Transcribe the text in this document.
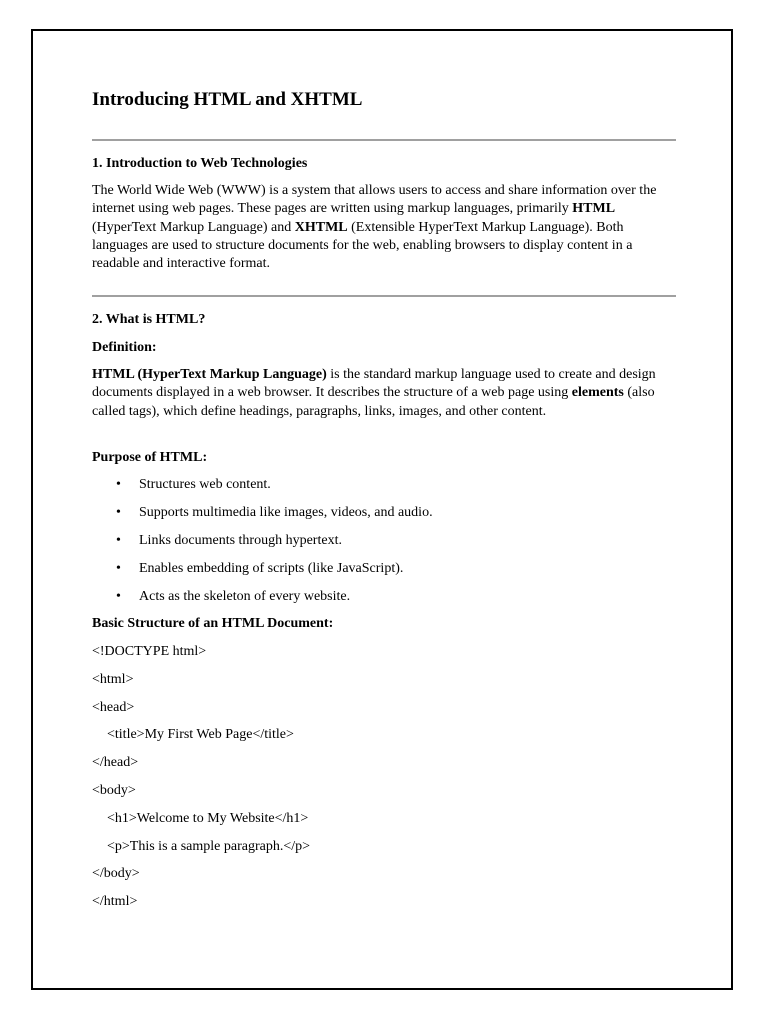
Introducing HTML and XHTML
1. Introduction to Web Technologies

The World Wide Web (WWW) is a system that allows users to access and share information over the internet using web pages. These pages are written using markup languages, primarily HTML (HyperText Markup Language) and XHTML (Extensible HyperText Markup Language). Both languages are used to structure documents for the web, enabling browsers to display content in a readable and interactive format.

2. What is HTML?
Definition:

HTML (HyperText Markup Language) is the standard markup language used to create and design documents displayed in a web browser. It describes the structure of a web page using elements (also called tags), which define headings, paragraphs, links, images, and other content.

Purpose of HTML:
• Structures web content.
• Supports multimedia like images, videos, and audio.
• Links documents through hypertext.
• Enables embedding of scripts (like JavaScript).
• Acts as the skeleton of every website.
Basic Structure of an HTML Document:
<!DOCTYPE html>
<html>
<head>
<title>My First Web Page</title>
</head>
<body>
<h1>Welcome to My Website</h1>
<p>This is a sample paragraph.</p>
</body>
</html>
